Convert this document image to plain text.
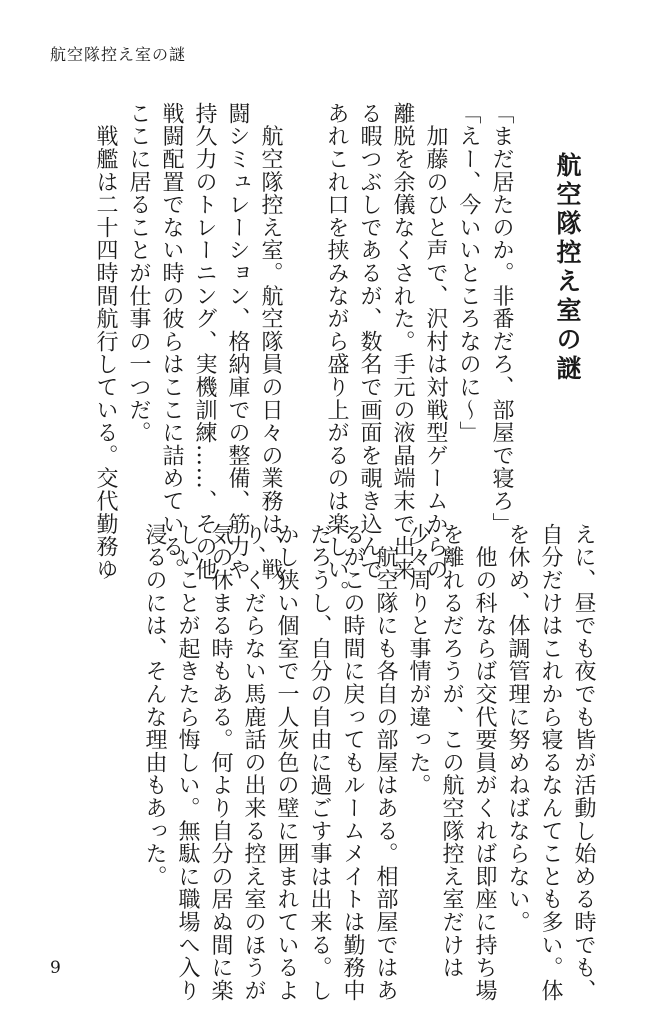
航空隊控え室の謎
航空隊控え室の謎
「まだ居たのか。非番だろ、部屋で寝ろ」
「えー、今いいところなのに～」
　加藤のひと声で、沢村は対戦型ゲームからの
離脱を余儀なくされた。手元の液晶端末で出来
る暇つぶしであるが、数名で画面を覗き込んで
あれこれ口を挟みながら盛り上がるのは楽しい。
　航空隊控え室。航空隊員の日々の業務は、戦
闘シミュレーション、格納庫での整備、筋力や
持久力のトレーニング、実機訓練……、その他
戦闘配置でない時の彼らはここに詰めている。
ここに居ることが仕事の一つだ。
　戦艦は二十四時間航行している。交代勤務ゆ
えに、昼でも夜でも皆が活動し始める時でも、
自分だけはこれから寝るなんてことも多い。体
を休め、体調管理に努めねばならない。
　他の科ならば交代要員がくれば即座に持ち場
を離れるだろうが、この航空隊控え室だけは
少々周りと事情が違った。
　航空隊にも各自の部屋はある。相部屋ではあ
るがこの時間に戻ってもルームメイトは勤務中
だろうし、自分の自由に過ごす事は出来る。し
かし狭い個室で一人灰色の壁に囲まれているよ
り、くだらない馬鹿話の出来る控え室のほうが
気の休まる時もある。何より自分の居ぬ間に楽
しいことが起きたら悔しい。無駄に職場へ入り
浸るのには、そんな理由もあった。
9
